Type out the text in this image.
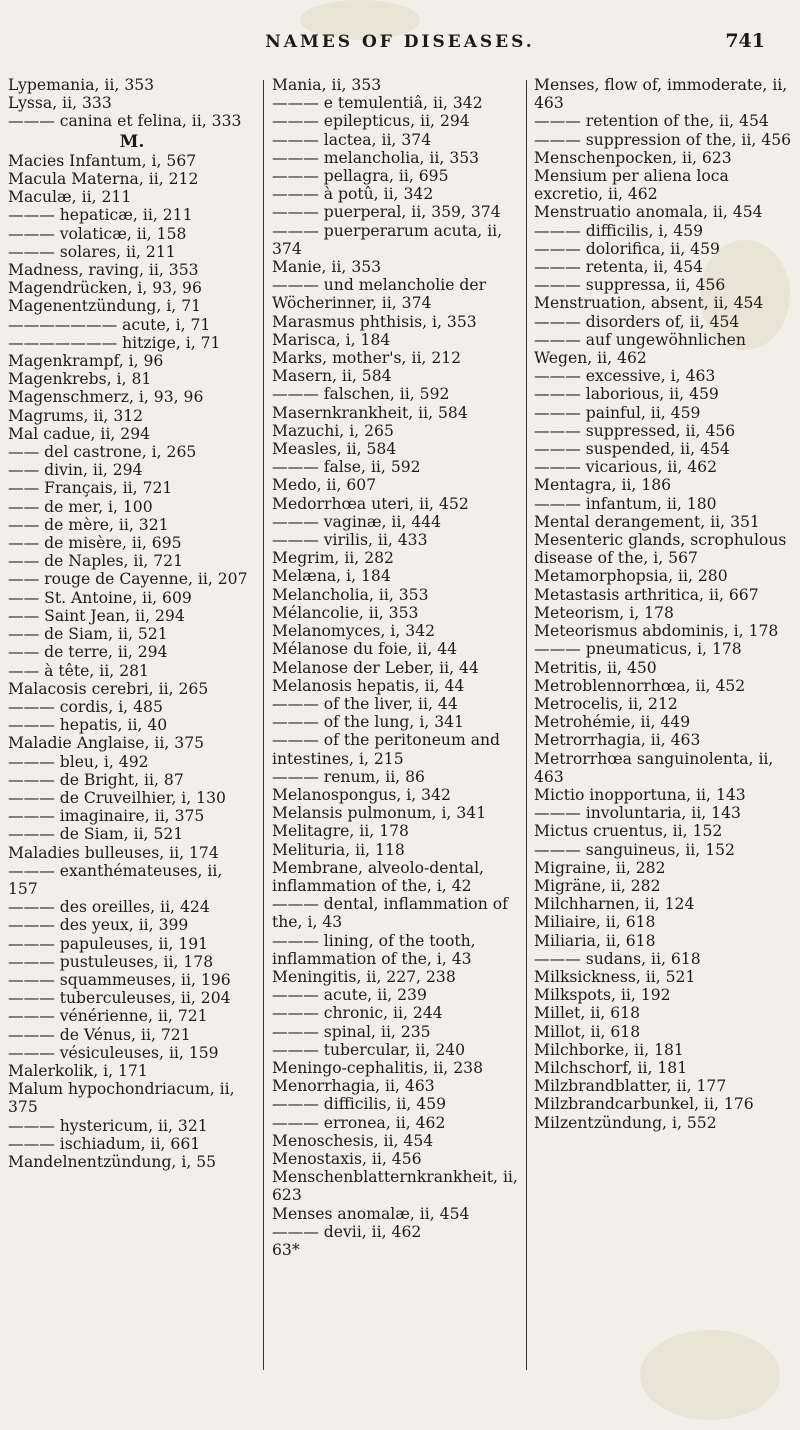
NAMES OF DISEASES.	741
Lypemania, ii, 353
Lyssa, ii, 333
——— canina et felina, ii, 333
M.
Macies Infantum, i, 567
Macula Materna, ii, 212
Maculæ, ii, 211
——— hepaticæ, ii, 211
——— volaticæ, ii, 158
——— solares, ii, 211
Madness, raving, ii, 353
Magendrücken, i, 93, 96
Magenentzündung, i, 71
——————— acute, i, 71
——————— hitzige, i, 71
Magenkrampf, i, 96
Magenkrebs, i, 81
Magenschmerz, i, 93, 96
Magrums, ii, 312
Mal cadue, ii, 294
—— del castrone, i, 265
—— divin, ii, 294
—— Français, ii, 721
—— de mer, i, 100
—— de mère, ii, 321
—— de misère, ii, 695
—— de Naples, ii, 721
—— rouge de Cayenne, ii, 207
—— St. Antoine, ii, 609
—— Saint Jean, ii, 294
—— de Siam, ii, 521
—— de terre, ii, 294
—— à tête, ii, 281
Malacosis cerebri, ii, 265
——— cordis, i, 485
——— hepatis, ii, 40
Maladie Anglaise, ii, 375
——— bleu, i, 492
——— de Bright, ii, 87
——— de Cruveilhier, i, 130
——— imaginaire, ii, 375
——— de Siam, ii, 521
Maladies bulleuses, ii, 174
——— exanthémateuses, ii, 157
——— des oreilles, ii, 424
——— des yeux, ii, 399
——— papuleuses, ii, 191
——— pustuleuses, ii, 178
——— squammeuses, ii, 196
——— tuberculeuses, ii, 204
——— vénérienne, ii, 721
——— de Vénus, ii, 721
——— vésiculeuses, ii, 159
Malerkolik, i, 171
Malum hypochondriacum, ii, 375
——— hystericum, ii, 321
——— ischiadum, ii, 661
Mandelnentzündung, i, 55
Mania, ii, 353
——— e temulentiâ, ii, 342
——— epilepticus, ii, 294
——— lactea, ii, 374
——— melancholia, ii, 353
——— pellagra, ii, 695
——— à potû, ii, 342
——— puerperal, ii, 359, 374
——— puerperarum acuta, ii, 374
Manie, ii, 353
——— und melancholie der Wöcherinner, ii, 374
Marasmus phthisis, i, 353
Marisca, i, 184
Marks, mother's, ii, 212
Masern, ii, 584
——— falschen, ii, 592
Masernkrankheit, ii, 584
Mazuchi, i, 265
Measles, ii, 584
——— false, ii, 592
Medo, ii, 607
Medorrhœa uteri, ii, 452
——— vaginæ, ii, 444
——— virilis, ii, 433
Megrim, ii, 282
Melæna, i, 184
Melancholia, ii, 353
Mélancolie, ii, 353
Melanomyces, i, 342
Mélanose du foie, ii, 44
Melanose der Leber, ii, 44
Melanosis hepatis, ii, 44
——— of the liver, ii, 44
——— of the lung, i, 341
——— of the peritoneum and intestines, i, 215
——— renum, ii, 86
Melanospongus, i, 342
Melansis pulmonum, i, 341
Melitagre, ii, 178
Melituria, ii, 118
Membrane, alveolo-dental, inflammation of the, i, 42
——— dental, inflammation of the, i, 43
——— lining, of the tooth, inflammation of the, i, 43
Meningitis, ii, 227, 238
——— acute, ii, 239
——— chronic, ii, 244
——— spinal, ii, 235
——— tubercular, ii, 240
Meningo-cephalitis, ii, 238
Menorrhagia, ii, 463
——— difficilis, ii, 459
——— erronea, ii, 462
Menoschesis, ii, 454
Menostaxis, ii, 456
Menschenblatternkrankheit, ii, 623
Menses anomalæ, ii, 454
——— devii, ii, 462
63*
Menses, flow of, immoderate, ii, 463
——— retention of the, ii, 454
——— suppression of the, ii, 456
Menschenpocken, ii, 623
Mensium per aliena loca excretio, ii, 462
Menstruatio anomala, ii, 454
——— difficilis, i, 459
——— dolorifica, ii, 459
——— retenta, ii, 454
——— suppressa, ii, 456
Menstruation, absent, ii, 454
——— disorders of, ii, 454
——— auf ungewöhnlichen Wegen, ii, 462
——— excessive, i, 463
——— laborious, ii, 459
——— painful, ii, 459
——— suppressed, ii, 456
——— suspended, ii, 454
——— vicarious, ii, 462
Mentagra, ii, 186
——— infantum, ii, 180
Mental derangement, ii, 351
Mesenteric glands, scrophulous disease of the, i, 567
Metamorphopsia, ii, 280
Metastasis arthritica, ii, 667
Meteorism, i, 178
Meteorismus abdominis, i, 178
——— pneumaticus, i, 178
Metritis, ii, 450
Metroblennorrhœa, ii, 452
Metrocelis, ii, 212
Metrohémie, ii, 449
Metrorrhagia, ii, 463
Metrorrhœa sanguinolenta, ii, 463
Mictio inopportuna, ii, 143
——— involuntaria, ii, 143
Mictus cruentus, ii, 152
——— sanguineus, ii, 152
Migraine, ii, 282
Migräne, ii, 282
Milchharnen, ii, 124
Miliaire, ii, 618
Miliaria, ii, 618
——— sudans, ii, 618
Milksickness, ii, 521
Milkspots, ii, 192
Millet, ii, 618
Millot, ii, 618
Milchborke, ii, 181
Milchschorf, ii, 181
Milzbrandblatter, ii, 177
Milzbrandcarbunkel, ii, 176
Milzentzündung, i, 552
